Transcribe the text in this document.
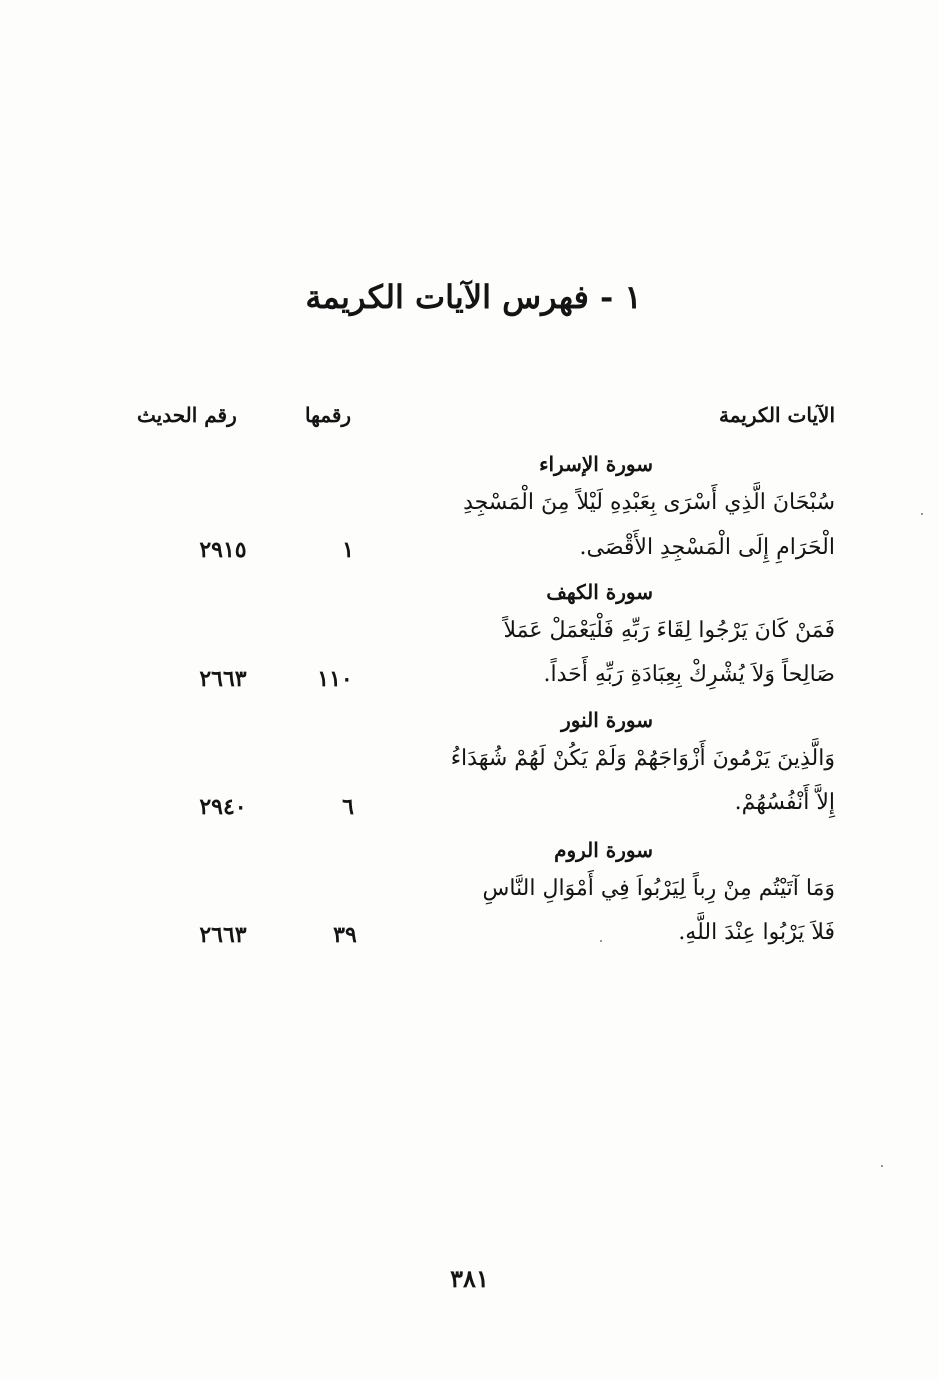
١ - فهرس الآيات الكريمة
الآيات الكريمة
رقمها
رقم الحديث
سورة الإسراء
سُبْحَانَ الَّذِي أَسْرَى بِعَبْدِهِ لَيْلاً مِنَ الْمَسْجِدِ
الْحَرَامِ إِلَى الْمَسْجِدِ الأَقْصَى.
١
٢٩١٥
سورة الكهف
فَمَنْ كَانَ يَرْجُوا لِقَاءَ رَبِّهِ فَلْيَعْمَلْ عَمَلاً
صَالِحاً وَلاَ يُشْرِكْ بِعِبَادَةِ رَبِّهِ أَحَداً.
١١٠
٢٦٦٣
سورة النور
وَالَّذِينَ يَرْمُونَ أَزْوَاجَهُمْ وَلَمْ يَكُنْ لَهُمْ شُهَدَاءُ
إِلاَّ أَنْفُسُهُمْ.
٦
٢٩٤٠
سورة الروم
وَمَا آتَيْتُم مِنْ رِباً لِيَرْبُواَ فِي أَمْوَالِ النَّاسِ
فَلاَ يَرْبُوا عِنْدَ اللَّهِ.
٣٩
٢٦٦٣
٣٨١
